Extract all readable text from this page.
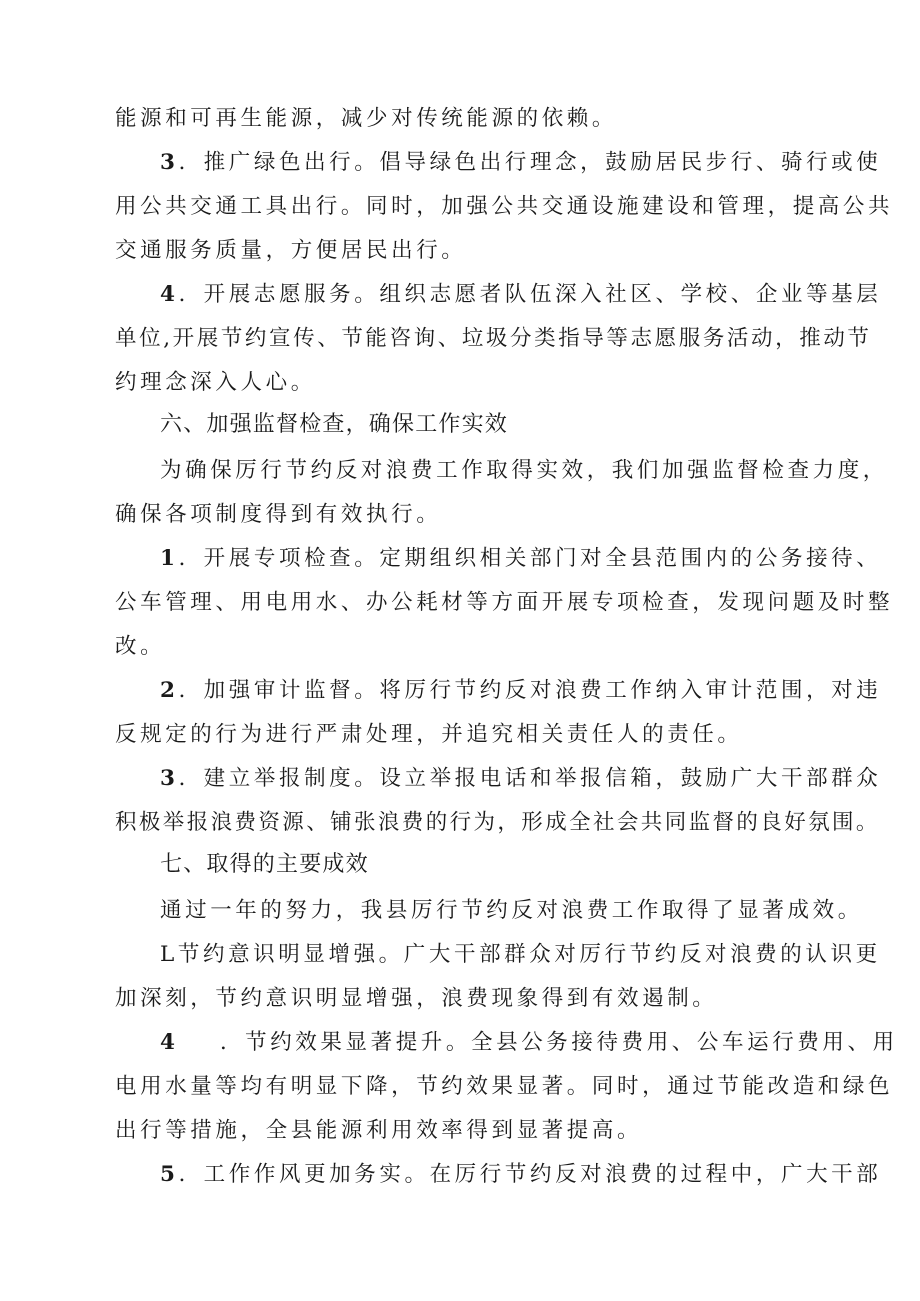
能源和可再生能源，减少对传统能源的依赖。
3．推广绿色出行。倡导绿色出行理念，鼓励居民步行、骑行或使
用公共交通工具出行。同时，加强公共交通设施建设和管理，提高公共
交通服务质量，方便居民出行。
4．开展志愿服务。组织志愿者队伍深入社区、学校、企业等基层
单位,开展节约宣传、节能咨询、垃圾分类指导等志愿服务活动，推动节
约理念深入人心。
六、加强监督检查，确保工作实效
为确保厉行节约反对浪费工作取得实效，我们加强监督检查力度，
确保各项制度得到有效执行。
1．开展专项检查。定期组织相关部门对全县范围内的公务接待、
公车管理、用电用水、办公耗材等方面开展专项检查，发现问题及时整
改。
2．加强审计监督。将厉行节约反对浪费工作纳入审计范围，对违
反规定的行为进行严肃处理，并追究相关责任人的责任。
3．建立举报制度。设立举报电话和举报信箱，鼓励广大干部群众
积极举报浪费资源、铺张浪费的行为，形成全社会共同监督的良好氛围。
七、取得的主要成效
通过一年的努力，我县厉行节约反对浪费工作取得了显著成效。
L节约意识明显增强。广大干部群众对厉行节约反对浪费的认识更
加深刻，节约意识明显增强，浪费现象得到有效遏制。
4 ．节约效果显著提升。全县公务接待费用、公车运行费用、用
电用水量等均有明显下降，节约效果显著。同时，通过节能改造和绿色
出行等措施，全县能源利用效率得到显著提高。
5．工作作风更加务实。在厉行节约反对浪费的过程中，广大干部
